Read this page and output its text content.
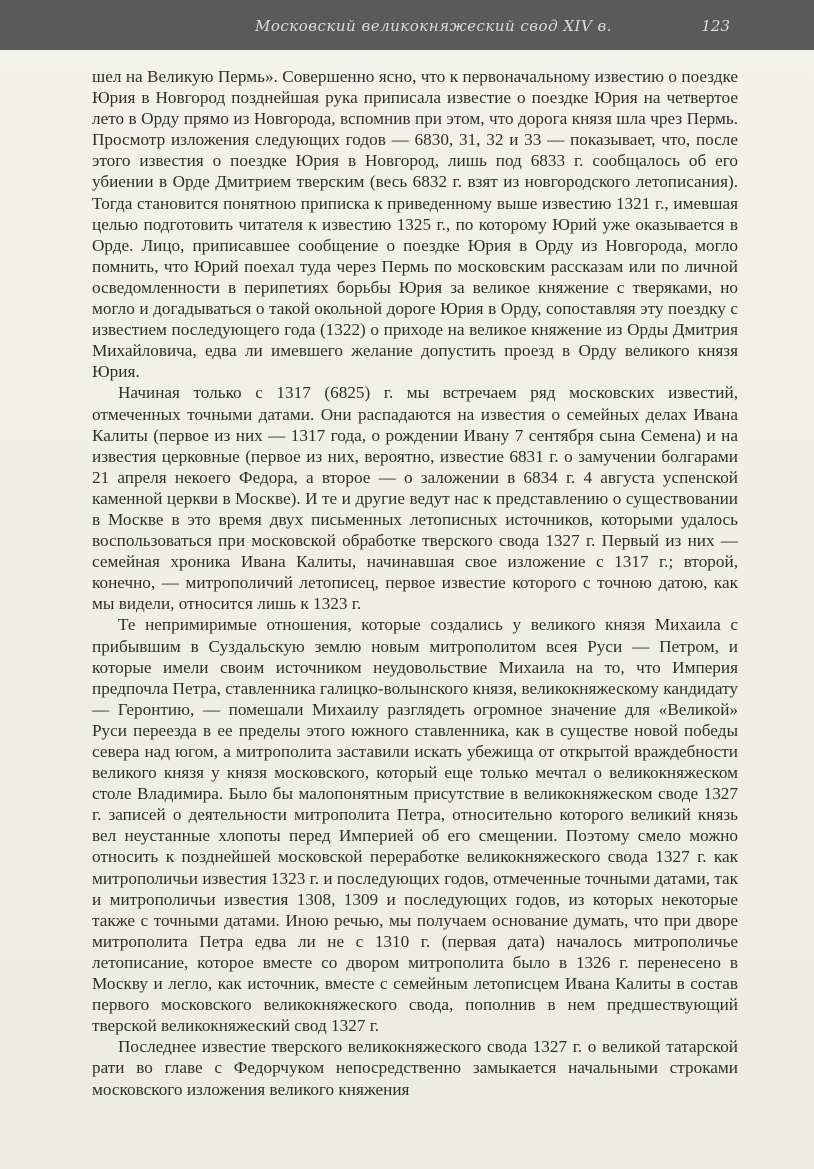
Московский великокняжеский свод XIV в.	123

шел на Великую Пермь». Совершенно ясно, что к первоначальному известию о поездке Юрия в Новгород позднейшая рука приписала известие о поездке Юрия на четвертое лето в Орду прямо из Новгорода, вспомнив при этом, что дорога князя шла чрез Пермь. Просмотр изложения следующих годов — 6830, 31, 32 и 33 — показывает, что, после этого известия о поездке Юрия в Новгород, лишь под 6833 г. сообщалось об его убиении в Орде Дмитрием тверским (весь 6832 г. взят из новгородского летописания). Тогда становится понятною приписка к приведенному выше известию 1321 г., имевшая целью подготовить читателя к известию 1325 г., по которому Юрий уже оказывается в Орде. Лицо, приписавшее сообщение о поездке Юрия в Орду из Новгорода, могло помнить, что Юрий поехал туда через Пермь по московским рассказам или по личной осведомленности в перипетиях борьбы Юрия за великое княжение с тверяками, но могло и догадываться о такой окольной дороге Юрия в Орду, сопоставляя эту поездку с известием последующего года (1322) о приходе на великое княжение из Орды Дмитрия Михайловича, едва ли имевшего желание допустить проезд в Орду великого князя Юрия.

Начиная только с 1317 (6825) г. мы встречаем ряд московских известий, отмеченных точными датами. Они распадаются на известия о семейных делах Ивана Калиты (первое из них — 1317 года, о рождении Ивану 7 сентября сына Семена) и на известия церковные (первое из них, вероятно, известие 6831 г. о замучении болгарами 21 апреля некоего Федора, а второе — о заложении в 6834 г. 4 августа успенской каменной церкви в Москве). И те и другие ведут нас к представлению о существовании в Москве в это время двух письменных летописных источников, которыми удалось воспользоваться при московской обработке тверского свода 1327 г. Первый из них — семейная хроника Ивана Калиты, начинавшая свое изложение с 1317 г.; второй, конечно, — митрополичий летописец, первое известие которого с точною датою, как мы видели, относится лишь к 1323 г.

Те непримиримые отношения, которые создались у великого князя Михаила с прибывшим в Суздальскую землю новым митрополитом всея Руси — Петром, и которые имели своим источником неудовольствие Михаила на то, что Империя предпочла Петра, ставленника галицко-волынского князя, великокняжескому кандидату — Геронтию, — помешали Михаилу разглядеть огромное значение для «Великой» Руси переезда в ее пределы этого южного ставленника, как в существе новой победы севера над югом, а митрополита заставили искать убежища от открытой враждебности великого князя у князя московского, который еще только мечтал о великокняжеском столе Владимира. Было бы малопонятным присутствие в великокняжеском своде 1327 г. записей о деятельности митрополита Петра, относительно которого великий князь вел неустанные хлопоты перед Империей об его смещении. Поэтому смело можно относить к позднейшей московской переработке великокняжеского свода 1327 г. как митрополичьи известия 1323 г. и последующих годов, отмеченные точными датами, так и митрополичьи известия 1308, 1309 и последующих годов, из которых некоторые также с точными датами. Иною речью, мы получаем основание думать, что при дворе митрополита Петра едва ли не с 1310 г. (первая дата) началось митрополичье летописание, которое вместе со двором митрополита было в 1326 г. перенесено в Москву и легло, как источник, вместе с семейным летописцем Ивана Калиты в состав первого московского великокняжеского свода, пополнив в нем предшествующий тверской великокняжеский свод 1327 г.

Последнее известие тверского великокняжеского свода 1327 г. о великой татарской рати во главе с Федорчуком непосредственно замыкается начальными строками московского изложения великого княжения
